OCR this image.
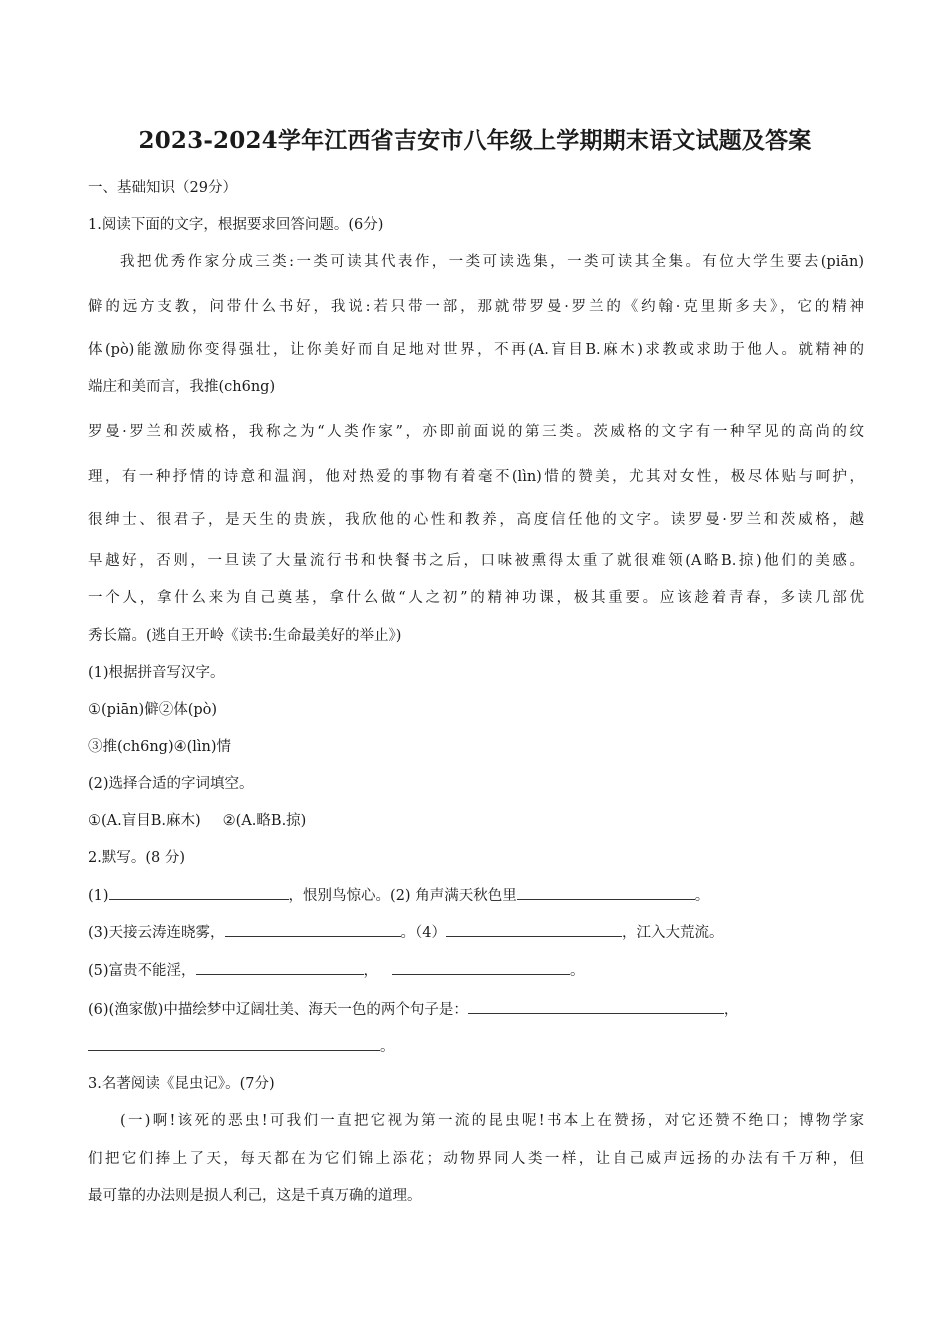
2023-2024学年江西省吉安市八年级上学期期末语文试题及答案
一、基础知识（29分）
1.阅读下面的文字，根据要求回答问题。(6分)
我把优秀作家分成三类:一类可读其代表作，一类可读选集，一类可读其全集。有位大学生要去(piān)
僻的远方支教，问带什么书好，我说:若只带一部，那就带罗曼·罗兰的《约翰·克里斯多夫》，它的精神
体(pò)能激励你变得强壮，让你美好而自足地对世界，不再(A.盲目B.麻木)求教或求助于他人。就精神的
端庄和美而言，我推(ch6ng)
罗曼·罗兰和茨威格，我称之为“人类作家”，亦即前面说的第三类。茨威格的文字有一种罕见的高尚的纹
理，有一种抒情的诗意和温润，他对热爱的事物有着毫不(lìn)惜的赞美，尤其对女性，极尽体贴与呵护，
很绅士、很君子，是天生的贵族，我欣他的心性和教养，高度信任他的文字。读罗曼·罗兰和茨威格，越
早越好，否则，一旦读了大量流行书和快餐书之后，口味被熏得太重了就很难领(A略B.掠)他们的美感。
一个人，拿什么来为自己奠基，拿什么做“人之初”的精神功课，极其重要。应该趁着青春，多读几部优
秀长篇。(逃自王开岭《读书:生命最美好的举止》)
(1)根据拼音写汉字。
①(piān)僻②体(pò)
③推(ch6ng)④(lìn)情
(2)选择合适的字词填空。
①(A.盲目B.麻木) ②(A.略B.掠)
2.默写。(8 分)
(1)	，恨别鸟惊心。(2) 角声满天秋色里	。
(3)天接云涛连晓雾，	。（4）	，江入大荒流。
(5)富贵不能淫，	，	。
(6)(渔家傲)中描绘梦中辽阔壮美、海天一色的两个句子是：	，
。
3.名著阅读《昆虫记》。(7分)
(一)啊!该死的恶虫!可我们一直把它视为第一流的昆虫呢!书本上在赞扬，对它还赞不绝口；博物学家
们把它们捧上了天，每天都在为它们锦上添花；动物界同人类一样，让自己威声远扬的办法有千万种，但
最可靠的办法则是损人利己，这是千真万确的道理。
